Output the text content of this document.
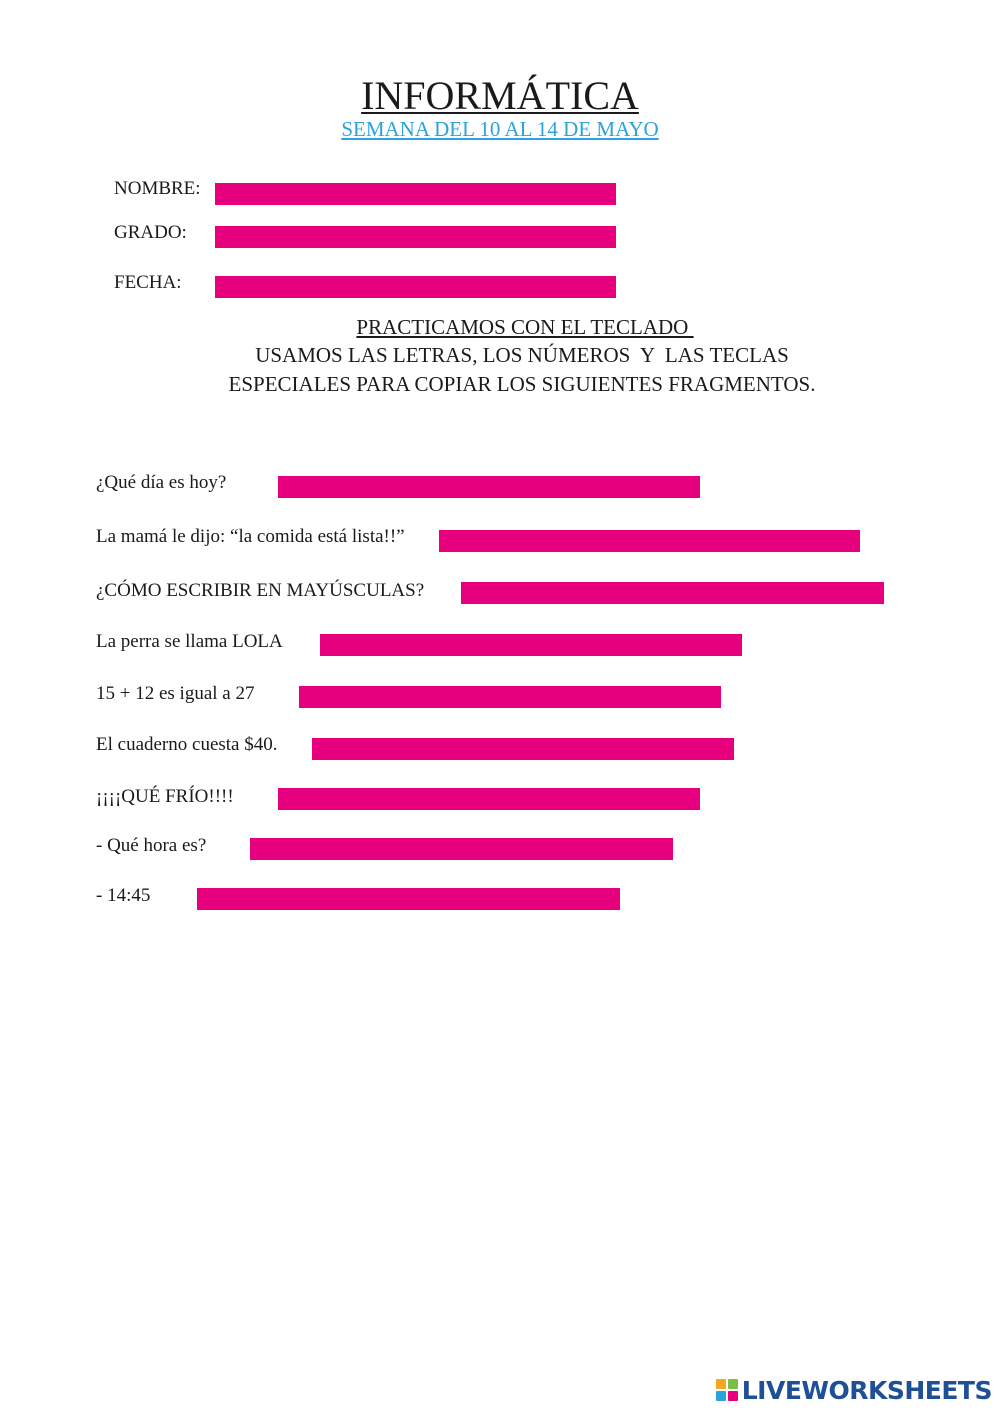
INFORMÁTICA
SEMANA DEL 10 AL 14 DE MAYO
NOMBRE:
GRADO:
FECHA:
PRACTICAMOS CON EL TECLADO
USAMOS LAS LETRAS, LOS NÚMEROS  Y  LAS TECLAS
ESPECIALES PARA COPIAR LOS SIGUIENTES FRAGMENTOS.
¿Qué día es hoy?
La mamá le dijo: “la comida está lista!!”
¿CÓMO ESCRIBIR EN MAYÚSCULAS?
La perra se llama LOLA
15 + 12 es igual a 27
El cuaderno cuesta $40.
¡¡¡¡QUÉ FRÍO!!!!
- Qué hora es?
- 14:45
LIVEWORKSHEETS
